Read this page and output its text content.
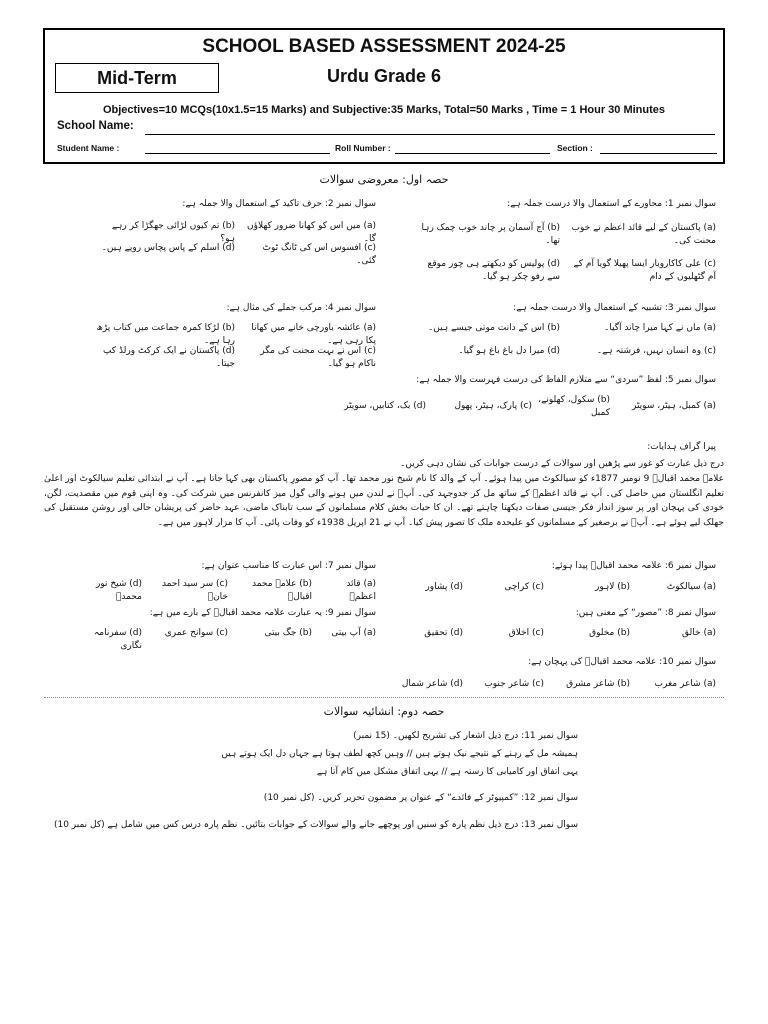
SCHOOL BASED ASSESSMENT 2024-25
Mid-Term	Urdu Grade 6
Objectives=10 MCQs(10x1.5=15 Marks) and Subjective:35 Marks, Total=50 Marks , Time = 1 Hour 30 Minutes
School Name:
Student Name :	Roll Number :	Section :
حصہ اول: معروضی سوالات
سوال نمبر 1: محاورے کے استعمال والا درست جملہ ہے:
(a) پاکستان کے لیے قائد اعظم نے خوب محنت کی۔
(b) آج آسمان پر چاند خوب چمک رہا تھا۔
(c) علی کاکاروبار ایسا پھیلا گویا آم کے آم گٹھلیوں کے دام
(d) پولیس کو دیکھتے ہی چور موقع سے رفو چکر ہو گیا۔
سوال نمبر 2: حرف تاکید کے استعمال والا جملہ ہے:
(a) میں اس کو کھانا ضرور کھلاؤں گا۔
(b) تم کیوں لڑائی جھگڑا کر رہے ہو؟
(c) افسوس اس کی ٹانگ ٹوٹ گئی۔
(d) اسلم کے پاس پچاس روپے ہیں۔
سوال نمبر 3: تشبیہ کے استعمال والا درست جملہ ہے:
(a) ماں نے کہا میرا چاند آگیا۔
(b) اس کے دانت موتی جیسے ہیں۔
(c) وہ انسان نہیں، فرشتہ ہے۔
(d) میرا دل باغ باغ ہو گیا۔
سوال نمبر 4: مرکب جملے کی مثال ہے:
(a) عائشہ باورچی خانے میں کھانا پکا رہی ہے۔
(b) لڑکا کمرہ جماعت میں کتاب پڑھ رہا ہے۔
(c) اس نے بہت محنت کی مگر ناکام ہو گیا۔
(d) پاکستان نے ایک کرکٹ ورلڈ کپ جیتا۔
سوال نمبر 5: لفظ ”سردی“ سے متلازم الفاظ کی درست فہرست والا جملہ ہے:
(a) کمبل، ہیٹر، سویٹر
(b) سکول، کھلونے، کمبل
(c) پارک، ہیٹر، پھول
(d) بک، کتابیں، سویٹر
پیرا گراف ہدایات:
درج ذیل عبارت کو غور سے پڑھیں اور سوالات کے درست جوابات کی نشان دہی کریں۔
علامہ محمد اقبالؒ 9 نومبر 1877ء کو سیالکوٹ میں پیدا ہوئے۔ آپ کے والد کا نام شیخ نور محمد تھا۔ آپ کو مصورِ پاکستان بھی کہا جاتا ہے۔ آپ نے ابتدائی تعلیم سیالکوٹ اور اعلیٰ تعلیم انگلستان میں حاصل کی۔ آپ نے قائد اعظمؒ کے ساتھ مل کر جدوجہد کی۔ آپؒ نے لندن میں ہونے والی گول میز کانفرنس میں شرکت کی۔ وہ اپنی قوم میں مقصدیت، لگن، خودی کی پہچان اور پر سوز انداز فکر جیسی صفات دیکھنا چاہتے تھے۔ ان کا حیات بخش کلام مسلمانوں کے سب تابناک ماضی، عہد حاضر کی پریشان حالی اور روشن مستقبل کی جھلک لیے ہوئے ہے۔ آپؒ نے برصغیر کے مسلمانوں کو علیحدہ ملک کا تصور پیش کیا۔ آپ نے 21 اپریل 1938ء کو وفات پائی۔ آپ کا مزار لاہور میں ہے۔
سوال نمبر 6: علامہ محمد اقبالؒ پیدا ہوئے:
(a) سیالکوٹ
(b) لاہور
(c) کراچی
(d) پشاور
سوال نمبر 7: اس عبارت کا مناسب عنوان ہے:
(a) قائد اعظمؒ
(b) علامہ محمد اقبالؒ
(c) سر سید احمد خانؒ
(d) شیخ نور محمدؒ
سوال نمبر 8: ”مصور“ کے معنی ہیں:
(a) خالق
(b) مخلوق
(c) اخلاق
(d) تحقیق
سوال نمبر 9: یہ عبارت علامہ محمد اقبالؒ کے بارے میں ہے:
(a) آپ بیتی
(b) جگ بیتی
(c) سوانح عمری
(d) سفرنامہ نگاری
سوال نمبر 10: علامہ محمد اقبالؒ کی پہچان ہے:
(a) شاعر مغرب
(b) شاعر مشرق
(c) شاعر جنوب
(d) شاعر شمال
حصہ دوم: انشائیہ سوالات
سوال نمبر 11: درج ذیل اشعار کی تشریح لکھیں۔ (15 نمبر)
ہمیشہ مل کے رہنے کے نتیجے نیک ہوتے ہیں // وہیں کچھ لطف ہوتا ہے جہاں دل ایک ہوتے ہیں
یہی اتفاق اور کامیابی کا رستہ ہے // یہی اتفاق مشکل میں کام آتا ہے
سوال نمبر 12: ”کمپیوٹر کے فائدے“ کے عنوان پر مضمون تحریر کریں۔ (کل نمبر 10)
سوال نمبر 13: درج ذیل نظم پارہ کو سنیں اور پوچھے جانے والے سوالات کے جوابات بتائیں۔ نظم پارہ درس کس میں شامل ہے (کل نمبر 10)
